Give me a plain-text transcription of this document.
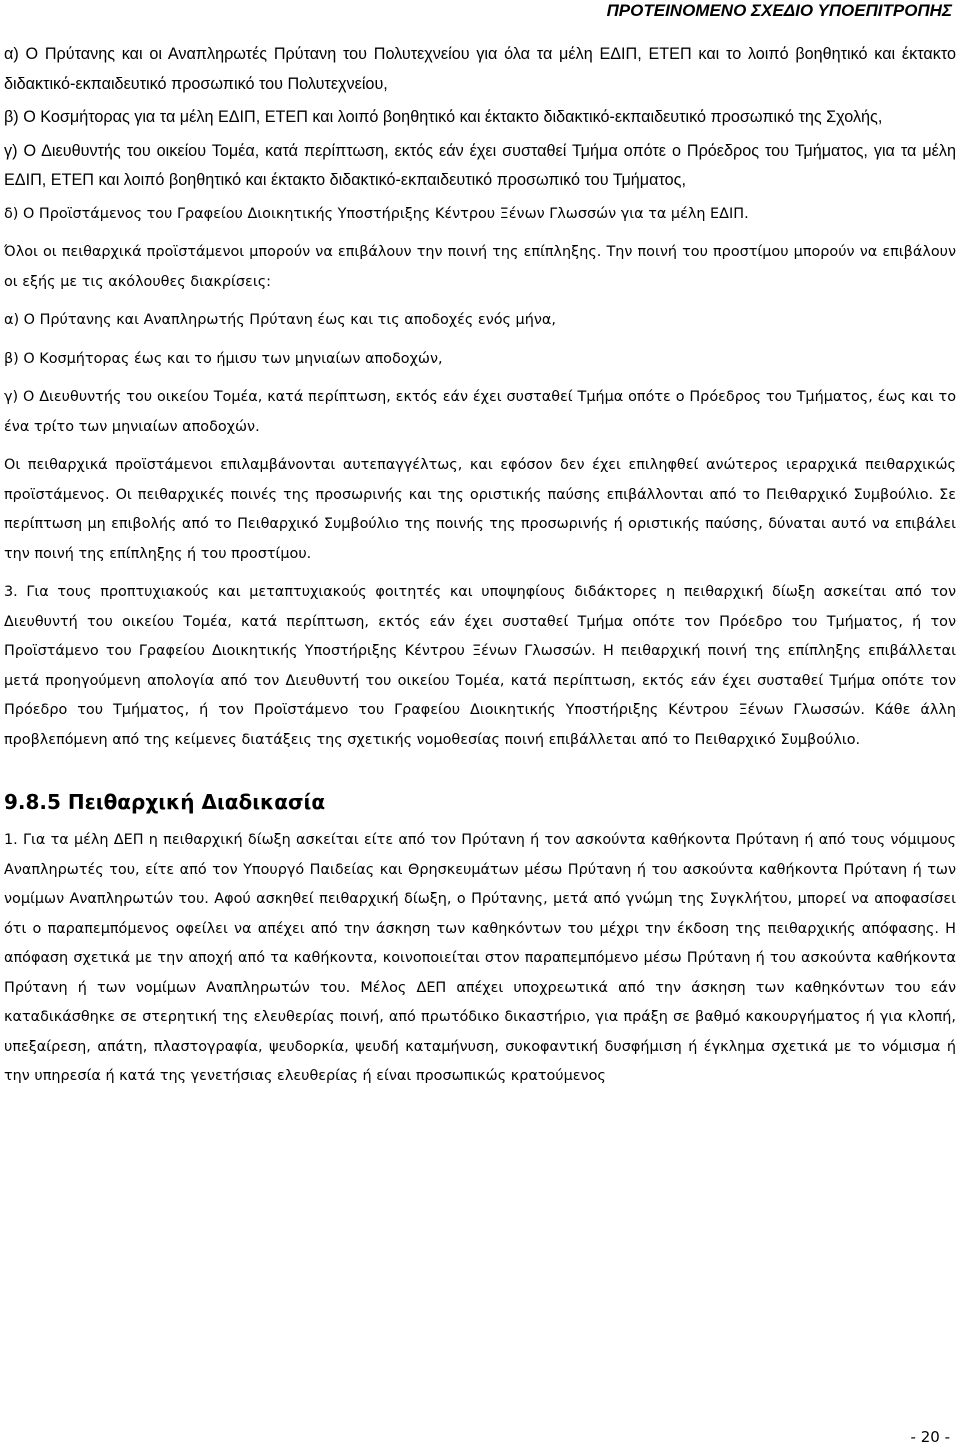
ΠΡΟΤΕΙΝΟΜΕΝΟ ΣΧΕΔΙΟ ΥΠΟΕΠΙΤΡΟΠΗΣ

α) Ο Πρύτανης και οι Αναπληρωτές Πρύτανη του Πολυτεχνείου για όλα τα μέλη ΕΔΙΠ, ΕΤΕΠ και το λοιπό βοηθητικό και έκτακτο διδακτικό-εκπαιδευτικό προσωπικό του Πολυτεχνείου,

β) Ο Κοσμήτορας για τα μέλη ΕΔΙΠ, ΕΤΕΠ και λοιπό βοηθητικό και έκτακτο διδακτικό-εκπαιδευτικό προσωπικό της Σχολής,

γ) Ο Διευθυντής του οικείου Τομέα, κατά περίπτωση, εκτός εάν έχει συσταθεί Τμήμα οπότε ο Πρόεδρος του Τμήματος, για τα μέλη ΕΔΙΠ, ΕΤΕΠ και λοιπό βοηθητικό και έκτακτο διδακτικό-εκπαιδευτικό προσωπικό του Τμήματος,

δ) Ο Προϊστάμενος του Γραφείου Διοικητικής Υποστήριξης Κέντρου Ξένων Γλωσσών για τα μέλη ΕΔΙΠ.

Όλοι οι πειθαρχικά προϊστάμενοι μπορούν να επιβάλουν την ποινή της επίπληξης. Την ποινή του προστίμου μπορούν να επιβάλουν οι εξής με τις ακόλουθες διακρίσεις:

α) Ο Πρύτανης και Αναπληρωτής Πρύτανη έως και τις αποδοχές ενός μήνα,

β) Ο Κοσμήτορας έως και το ήμισυ των μηνιαίων αποδοχών,

γ) Ο Διευθυντής του οικείου Τομέα, κατά περίπτωση, εκτός εάν έχει συσταθεί Τμήμα οπότε ο Πρόεδρος του Τμήματος, έως και το ένα τρίτο των μηνιαίων αποδοχών.

Οι πειθαρχικά προϊστάμενοι επιλαμβάνονται αυτεπαγγέλτως, και εφόσον δεν έχει επιληφθεί ανώτερος ιεραρχικά πειθαρχικώς προϊστάμενος. Οι πειθαρχικές ποινές της προσωρινής και της οριστικής παύσης επιβάλλονται από το Πειθαρχικό Συμβούλιο. Σε περίπτωση μη επιβολής από το Πειθαρχικό Συμβούλιο της ποινής της προσωρινής ή οριστικής παύσης, δύναται αυτό να επιβάλει την ποινή της επίπληξης ή του προστίμου.

3. Για τους προπτυχιακούς και μεταπτυχιακούς φοιτητές και υποψηφίους διδάκτορες η πειθαρχική δίωξη ασκείται από τον Διευθυντή του οικείου Τομέα, κατά περίπτωση, εκτός εάν έχει συσταθεί Τμήμα οπότε τον Πρόεδρο του Τμήματος, ή τον Προϊστάμενο του Γραφείου Διοικητικής Υποστήριξης Κέντρου Ξένων Γλωσσών. Η πειθαρχική ποινή της επίπληξης επιβάλλεται μετά προηγούμενη απολογία από τον Διευθυντή του οικείου Τομέα, κατά περίπτωση, εκτός εάν έχει συσταθεί Τμήμα οπότε τον Πρόεδρο του Τμήματος, ή τον Προϊστάμενο του Γραφείου Διοικητικής Υποστήριξης Κέντρου Ξένων Γλωσσών. Κάθε άλλη προβλεπόμενη από της κείμενες διατάξεις της σχετικής νομοθεσίας ποινή επιβάλλεται από το Πειθαρχικό Συμβούλιο.

9.8.5 Πειθαρχική Διαδικασία

1. Για τα μέλη ΔΕΠ η πειθαρχική δίωξη ασκείται είτε από τον Πρύτανη ή τον ασκούντα καθήκοντα Πρύτανη ή από τους νόμιμους Αναπληρωτές του, είτε από τον Υπουργό Παιδείας και Θρησκευμάτων μέσω Πρύτανη ή του ασκούντα καθήκοντα Πρύτανη ή των νομίμων Αναπληρωτών του. Αφού ασκηθεί πειθαρχική δίωξη, ο Πρύτανης, μετά από γνώμη της Συγκλήτου, μπορεί να αποφασίσει ότι ο παραπεμπόμενος οφείλει να απέχει από την άσκηση των καθηκόντων του μέχρι την έκδοση της πειθαρχικής απόφασης. Η απόφαση σχετικά με την αποχή από τα καθήκοντα, κοινοποιείται στον παραπεμπόμενο μέσω Πρύτανη ή του ασκούντα καθήκοντα Πρύτανη ή των νομίμων Αναπληρωτών του. Μέλος ΔΕΠ απέχει υποχρεωτικά από την άσκηση των καθηκόντων του εάν καταδικάσθηκε σε στερητική της ελευθερίας ποινή, από πρωτόδικο δικαστήριο, για πράξη σε βαθμό κακουργήματος ή για κλοπή, υπεξαίρεση, απάτη, πλαστογραφία, ψευδορκία, ψευδή καταμήνυση, συκοφαντική δυσφήμιση ή έγκλημα σχετικά με το νόμισμα ή την υπηρεσία ή κατά της γενετήσιας ελευθερίας ή είναι προσωπικώς κρατούμενος

- 20 -
